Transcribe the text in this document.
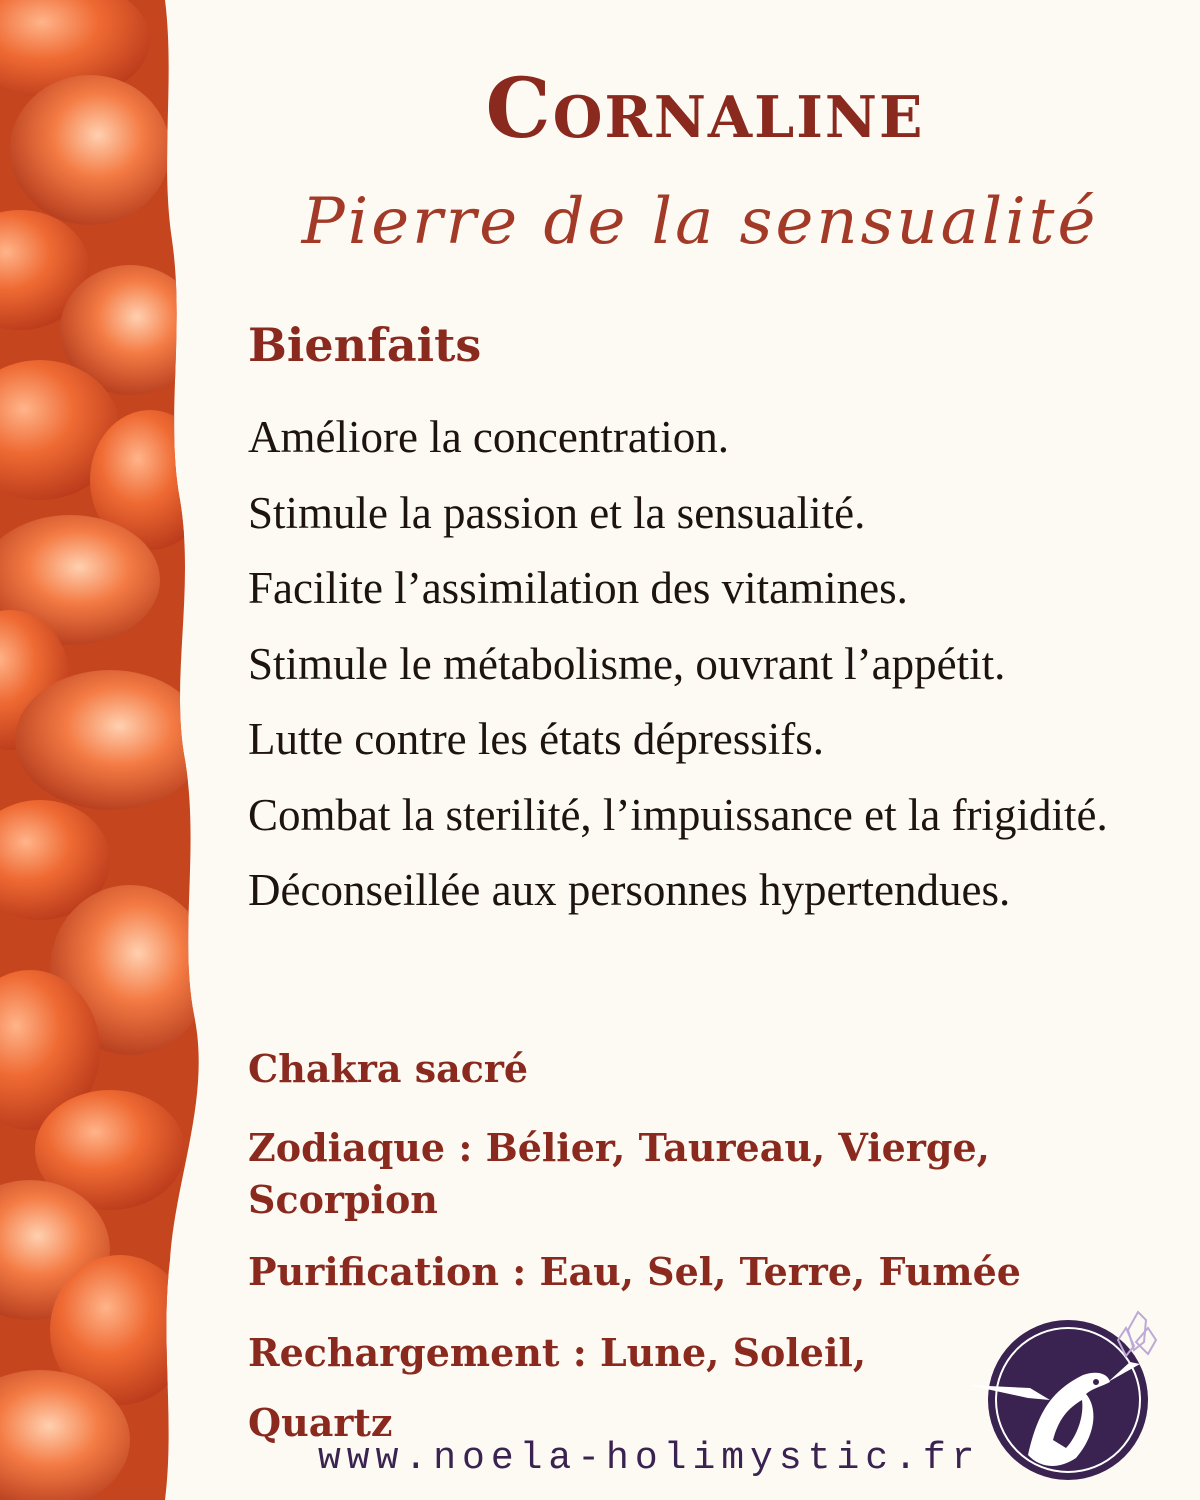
Cornaline
Pierre de la sensualité
Bienfaits
Améliore la concentration.
Stimule la passion et la sensualité.
Facilite l’assimilation des vitamines.
Stimule le métabolisme, ouvrant l’appétit.
Lutte contre les états dépressifs.
Combat la sterilité, l’impuissance et la frigidité.
Déconseillée aux personnes hypertendues.
Chakra sacré
Zodiaque : Bélier, Taureau, Vierge, Scorpion
Purification : Eau, Sel, Terre, Fumée
Rechargement : Lune, Soleil, Quartz
www.noela-holimystic.fr
